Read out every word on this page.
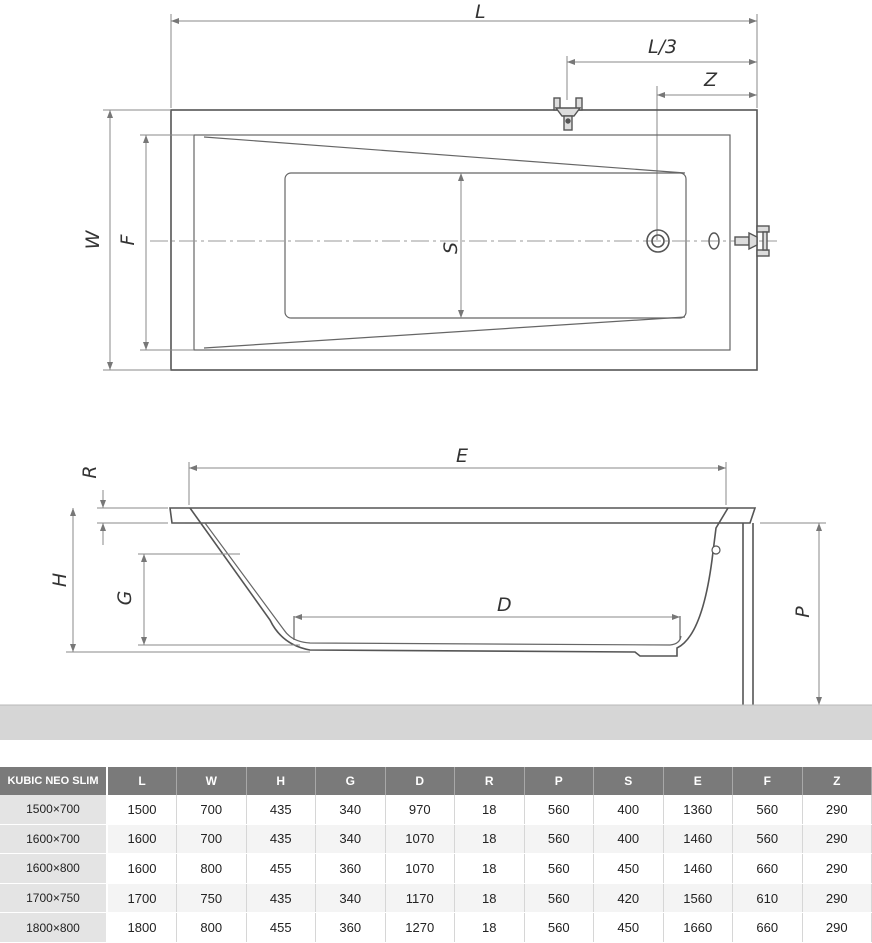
L
L/3
Z
W F
S
E
D
R
H
G
P
KUBIC NEO SLIM	L	W	H	G	D	R	P	S	E	F	Z
1500×700	1500	700	435	340	970	18	560	400	1360	560	290
1600×700	1600	700	435	340	1070	18	560	400	1460	560	290
1600×800	1600	800	455	360	1070	18	560	450	1460	660	290
1700×750	1700	750	435	340	1170	18	560	420	1560	610	290
1800×800	1800	800	455	360	1270	18	560	450	1660	660	290
